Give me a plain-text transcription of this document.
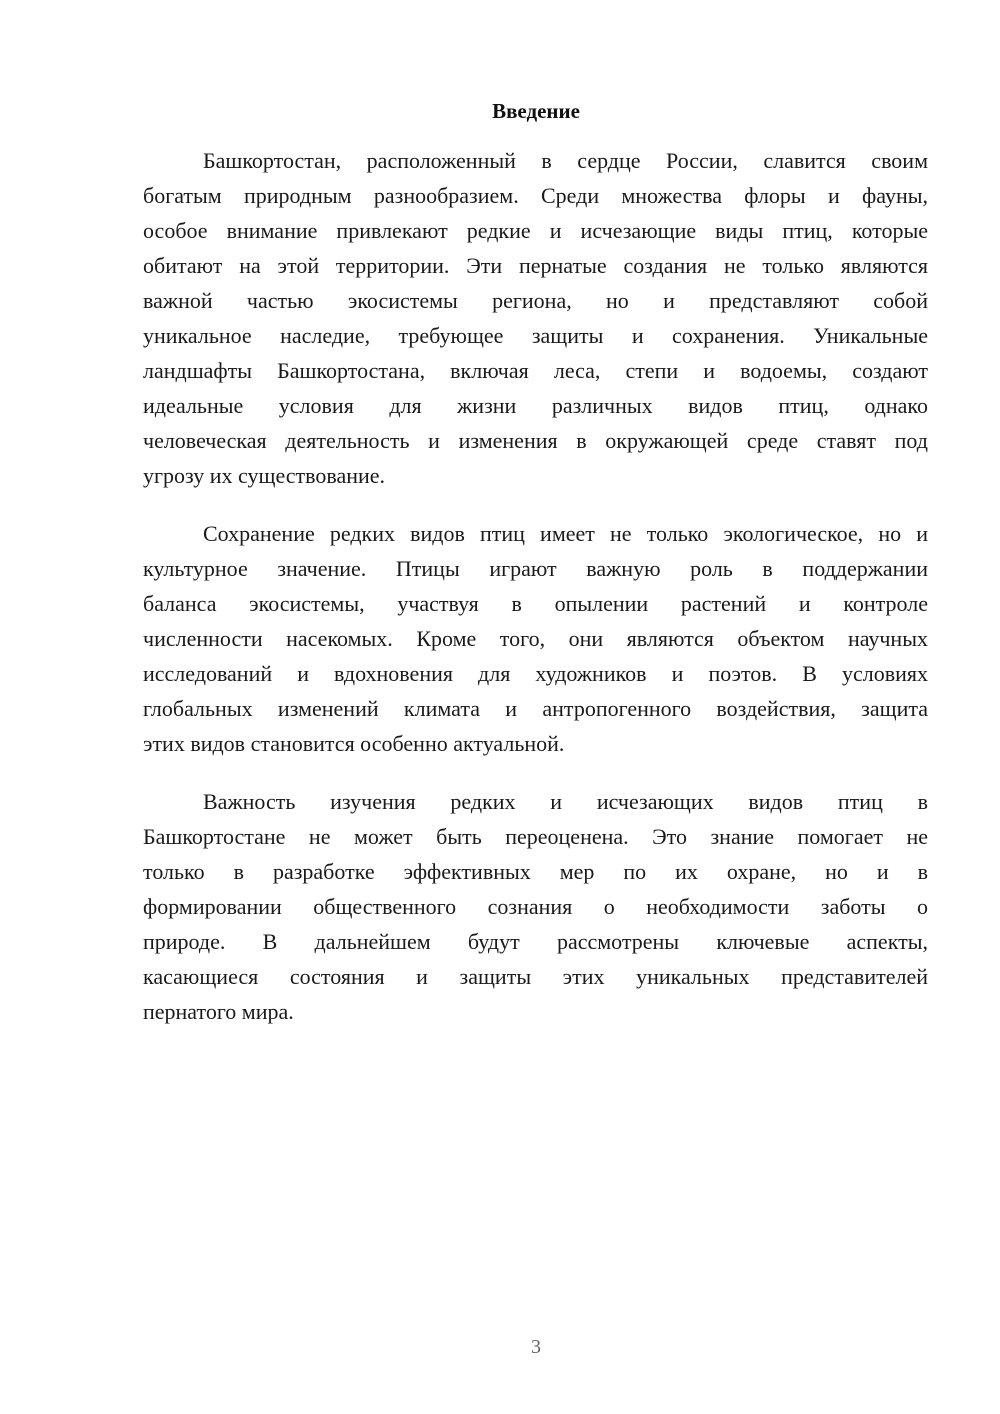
Введение
Башкортостан, расположенный в сердце России, славится своим
богатым природным разнообразием. Среди множества флоры и фауны,
особое внимание привлекают редкие и исчезающие виды птиц, которые
обитают на этой территории. Эти пернатые создания не только являются
важной частью экосистемы региона, но и представляют собой
уникальное наследие, требующее защиты и сохранения. Уникальные
ландшафты Башкортостана, включая леса, степи и водоемы, создают
идеальные условия для жизни различных видов птиц, однако
человеческая деятельность и изменения в окружающей среде ставят под
угрозу их существование.
Сохранение редких видов птиц имеет не только экологическое, но и
культурное значение. Птицы играют важную роль в поддержании
баланса экосистемы, участвуя в опылении растений и контроле
численности насекомых. Кроме того, они являются объектом научных
исследований и вдохновения для художников и поэтов. В условиях
глобальных изменений климата и антропогенного воздействия, защита
этих видов становится особенно актуальной.
Важность изучения редких и исчезающих видов птиц в
Башкортостане не может быть переоценена. Это знание помогает не
только в разработке эффективных мер по их охране, но и в
формировании общественного сознания о необходимости заботы о
природе. В дальнейшем будут рассмотрены ключевые аспекты,
касающиеся состояния и защиты этих уникальных представителей
пернатого мира.
3
